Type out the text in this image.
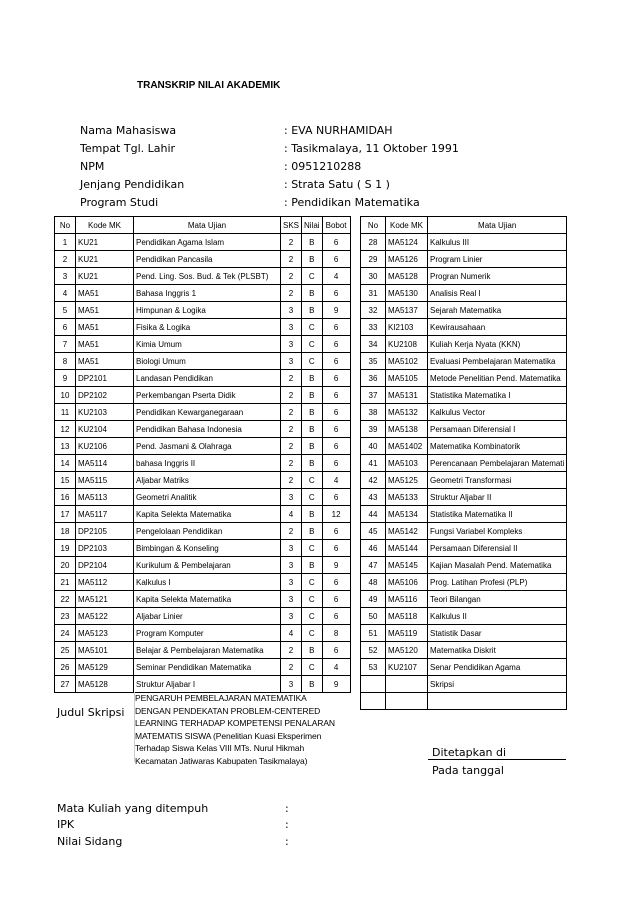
TRANSKRIP NILAI AKADEMIK
Nama Mahasiswa	: EVA NURHAMIDAH
Tempat Tgl. Lahir	: Tasikmalaya, 11 Oktober 1991
NPM	: 0951210288
Jenjang Pendidikan	: Strata Satu ( S 1 )
Program Studi	: Pendidikan Matematika
No	Kode MK	Mata Ujian	SKS	Nilai	Bobot
1	KU21	Pendidikan Agama Islam	2	B	6
2	KU21	Pendidikan Pancasila	2	B	6
3	KU21	Pend. Ling. Sos. Bud. & Tek (PLSBT)	2	C	4
4	MA51	Bahasa Inggris 1	2	B	6
5	MA51	Himpunan & Logika	3	B	9
6	MA51	Fisika & Logika	3	C	6
7	MA51	Kimia Umum	3	C	6
8	MA51	Biologi Umum	3	C	6
9	DP2101	Landasan Pendidikan	2	B	6
10	DP2102	Perkembangan Pserta Didik	2	B	6
11	KU2103	Pendidikan Kewarganegaraan	2	B	6
12	KU2104	Pendidikan Bahasa Indonesia	2	B	6
13	KU2106	Pend. Jasmani & Olahraga	2	B	6
14	MA5114	bahasa Inggris II	2	B	6
15	MA5115	Aljabar Matriks	2	C	4
16	MA5113	Geometri Analitik	3	C	6
17	MA5117	Kapita Selekta Matematika	4	B	12
18	DP2105	Pengelolaan Pendidikan	2	B	6
19	DP2103	Bimbingan & Konseling	3	C	6
20	DP2104	Kurikulum & Pembelajaran	3	B	9
21	MA5112	Kalkulus I	3	C	6
22	MA5121	Kapita Selekta Matematika	3	C	6
23	MA5122	Aljabar Linier	3	C	6
24	MA5123	Program Komputer	4	C	8
25	MA5101	Belajar & Pembelajaran Matematika	2	B	6
26	MA5129	Seminar Pendidikan Matematika	2	C	4
27	MA5128	Struktur Aljabar I	3	B	9
No	Kode MK	Mata Ujian
28	MA5124	Kalkulus III
29	MA5126	Program Linier
30	MA5128	Progran Numerik
31	MA5130	Analisis Real I
32	MA5137	Sejarah Matematika
33	KI2103	Kewirausahaan
34	KU2108	Kuliah Kerja Nyata (KKN)
35	MA5102	Evaluasi Pembelajaran Matematika
36	MA5105	Metode Penelitian Pend. Matematika
37	MA5131	Statistika Matematika I
38	MA5132	Kalkulus Vector
39	MA5138	Persamaan Diferensial I
40	MA51402	Matematika Kombinatorik
41	MA5103	Perencanaan Pembelajaran Matemati
42	MA5125	Geometri Transformasi
43	MA5133	Struktur Aljabar II
44	MA5134	Statistika Matematika II
45	MA5142	Fungsi Variabel Kompleks
46	MA5144	Persamaan Diferensial II
47	MA5145	Kajian Masalah Pend. Matematika
48	MA5106	Prog. Latihan Profesi (PLP)
49	MA5116	Teori Bilangan
50	MA5118	Kalkulus II
51	MA5119	Statistik Dasar
52	MA5120	Matematika Diskrit
53	KU2107	Senar Pendidikan Agama
		Skripsi

Judul Skripsi
PENGARUH PEMBELAJARAN MATEMATIKA
DENGAN PENDEKATAN PROBLEM-CENTERED
LEARNING TERHADAP KOMPETENSI PENALARAN
MATEMATIS SISWA (Penelitian Kuasi Eksperimen
Terhadap Siswa Kelas VIII MTs. Nurul Hikmah
Kecamatan Jatiwaras Kabupaten Tasikmalaya)
Ditetapkan di
Pada tanggal
Mata Kuliah yang ditempuh	:
IPK	:
Nilai Sidang	:
